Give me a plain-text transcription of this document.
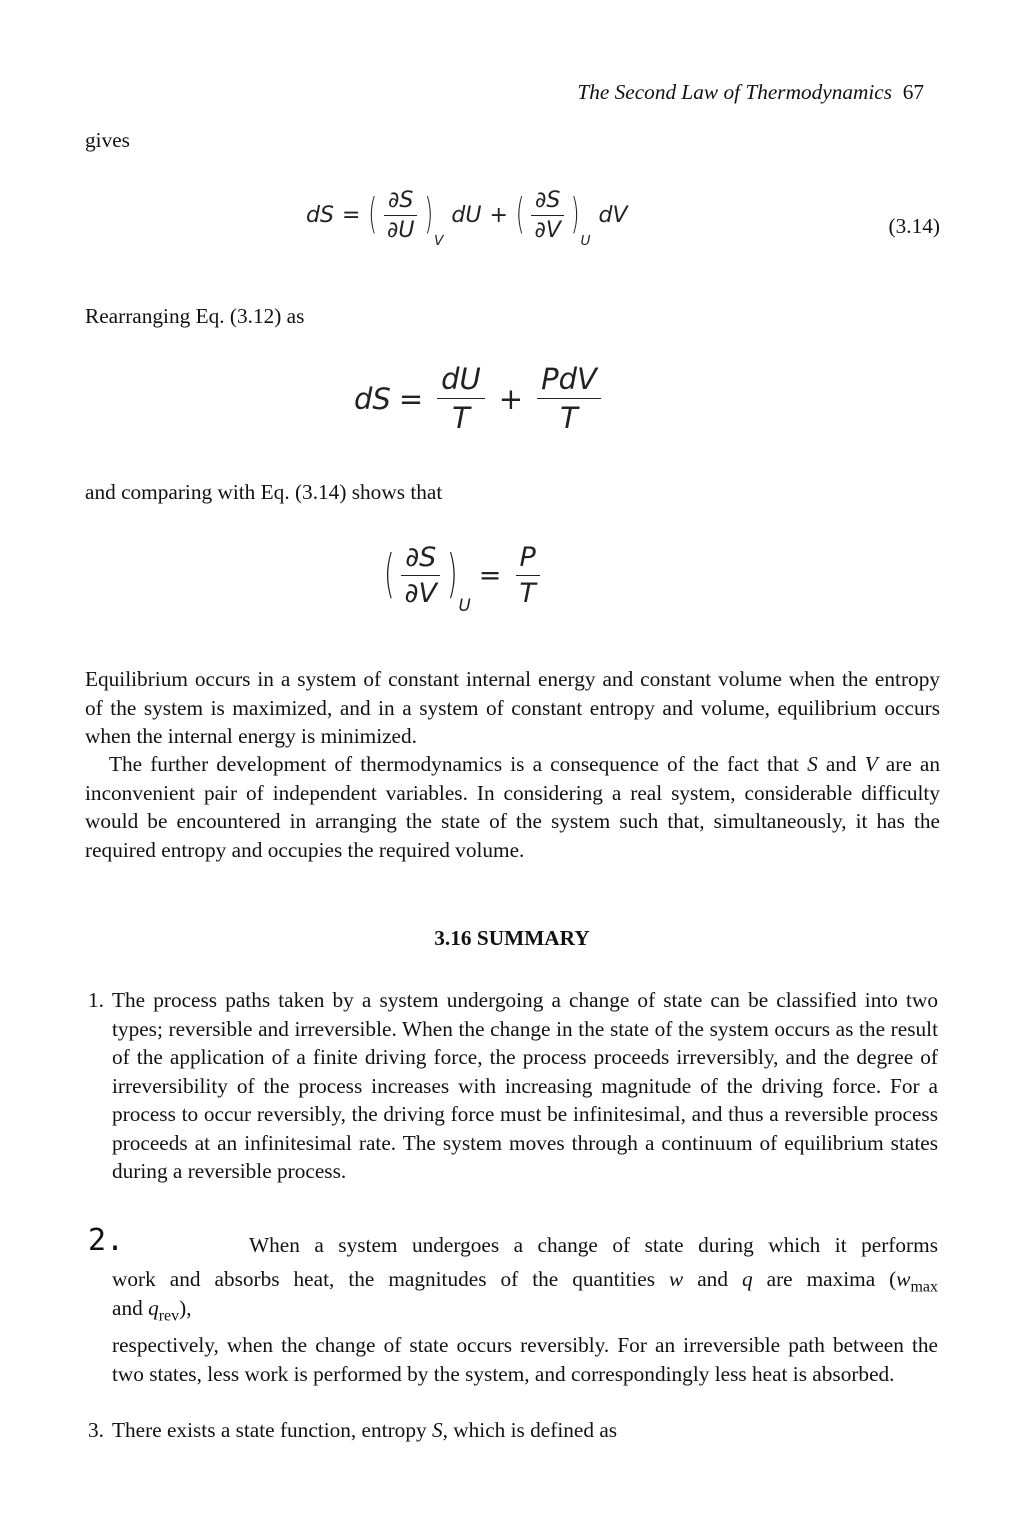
The Second Law of Thermodynamics 67
gives
dS = ( $\frac{\partial S}{\partial U}$ )
V
dU + ( $\frac{\partial S}{\partial V}$ )
U
dV	(3.14)
Rearranging Eq. (3.12) as
dS = $\frac{dU}{T} + \frac{\text{PdV}}{T}$
and comparing with Eq. (3.14) shows that
( $\frac{\partial S}{\partial V}$ )
U
= $\frac{P}{T}$
Equilibrium occurs in a system of constant internal energy and constant volume when the entropy of the system is maximized, and in a system of constant entropy and volume, equilibrium occurs when the internal energy is minimized.
The further development of thermodynamics is a consequence of the fact that S and V are an inconvenient pair of independent variables. In considering a real system, considerable difficulty would be encountered in arranging the state of the system such that, simultaneously, it has the required entropy and occupies the required volume.
3.16 SUMMARY
1. The process paths taken by a system undergoing a change of state can be classified into two types; reversible and irreversible. When the change in the state of the system occurs as the result of the application of a finite driving force, the process proceeds irreversibly, and the degree of irreversibility of the process increases with increasing magnitude of the driving force. For a process to occur reversibly, the driving force must be infinitesimal, and thus a reversible process proceeds at an infinitesimal rate. The system moves through a continuum of equilibrium states during a reversible process.
2.	When a system undergoes a change of state during which it performs
work and absorbs heat, the magnitudes of the quantities w and q are maxima ($w_{max}$
and $q_{rev}$),
respectively, when the change of state occurs reversibly. For an irreversible path between the two states, less work is performed by the system, and correspondingly less heat is absorbed.
3. There exists a state function, entropy S, which is defined as
